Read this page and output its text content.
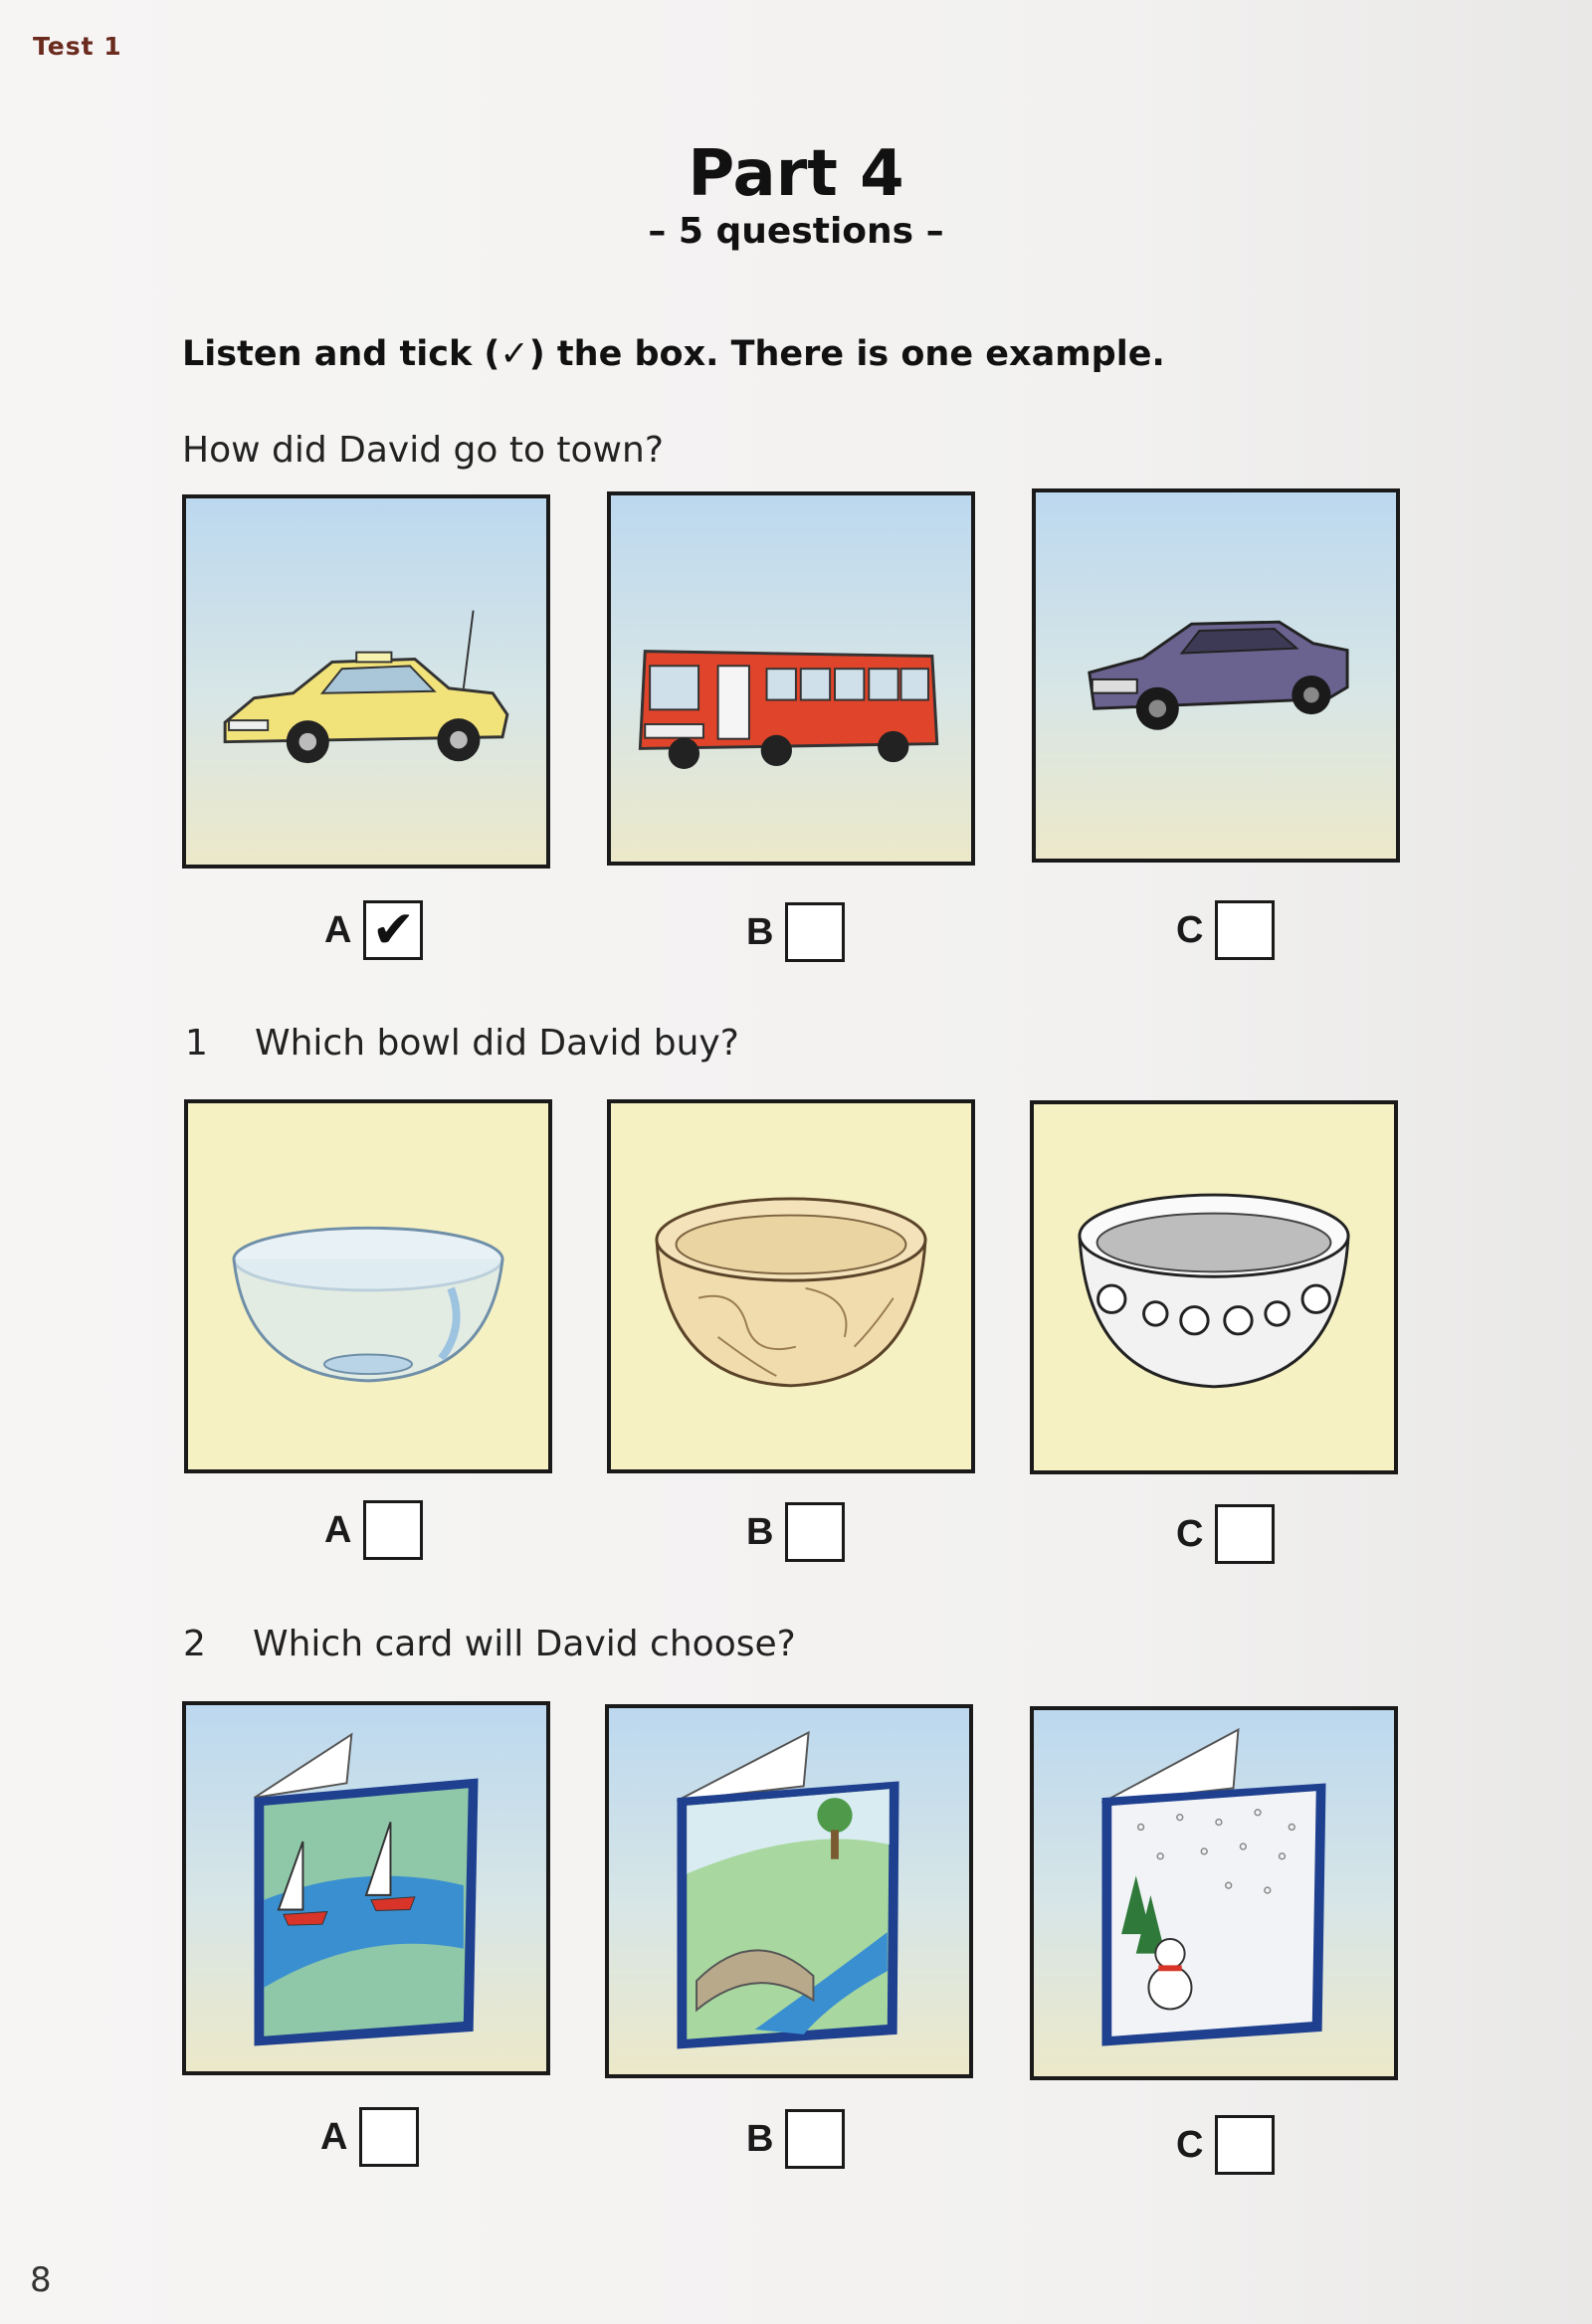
Test 1
Part 4
– 5 questions –
Listen and tick (✓) the box. There is one example.
How did David go to town?
A ✔	B	C
1 Which bowl did David buy?
A	B	C
2 Which card will David choose?
A	B	C
8
